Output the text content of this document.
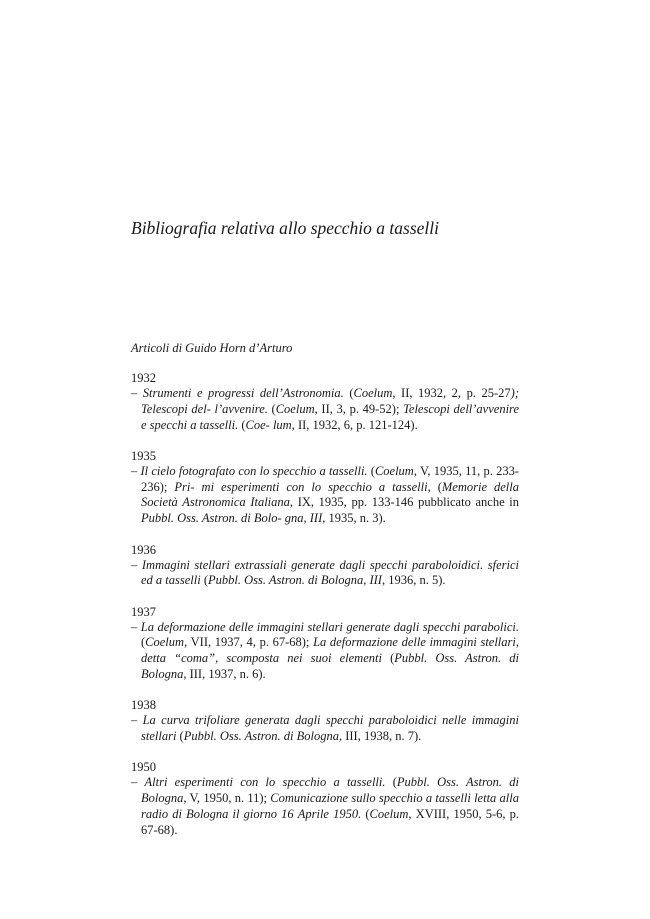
Bibliografia relativa allo specchio a tasselli
Articoli di Guido Horn d’Arturo
1932
– Strumenti e progressi dell’Astronomia. (Coelum, II, 1932, 2, p. 25-27); Telescopi del- l’avvenire. (Coelum, II, 3, p. 49-52); Telescopi dell’avvenire e specchi a tasselli. (Coe- lum, II, 1932, 6, p. 121-124).
1935
– Il cielo fotografato con lo specchio a tasselli. (Coelum, V, 1935, 11, p. 233-236); Pri- mi esperimenti con lo specchio a tasselli, (Memorie della Società Astronomica Italiana, IX, 1935, pp. 133-146 pubblicato anche in Pubbl. Oss. Astron. di Bolo- gna, III, 1935, n. 3).
1936
– Immagini stellari extrassiali generate dagli specchi paraboloidici. sferici ed a tasselli (Pubbl. Oss. Astron. di Bologna, III, 1936, n. 5).
1937
– La deformazione delle immagini stellari generate dagli specchi parabolici. (Coelum, VII, 1937, 4, p. 67-68); La deformazione delle immagini stellari, detta “coma”, scomposta nei suoi elementi (Pubbl. Oss. Astron. di Bologna, III, 1937, n. 6).
1938
– La curva trifoliare generata dagli specchi paraboloidici nelle immagini stellari (Pubbl. Oss. Astron. di Bologna, III, 1938, n. 7).
1950
– Altri esperimenti con lo specchio a tasselli. (Pubbl. Oss. Astron. di Bologna, V, 1950, n. 11); Comunicazione sullo specchio a tasselli letta alla radio di Bologna il giorno 16 Aprile 1950. (Coelum, XVIII, 1950, 5-6, p. 67-68).
